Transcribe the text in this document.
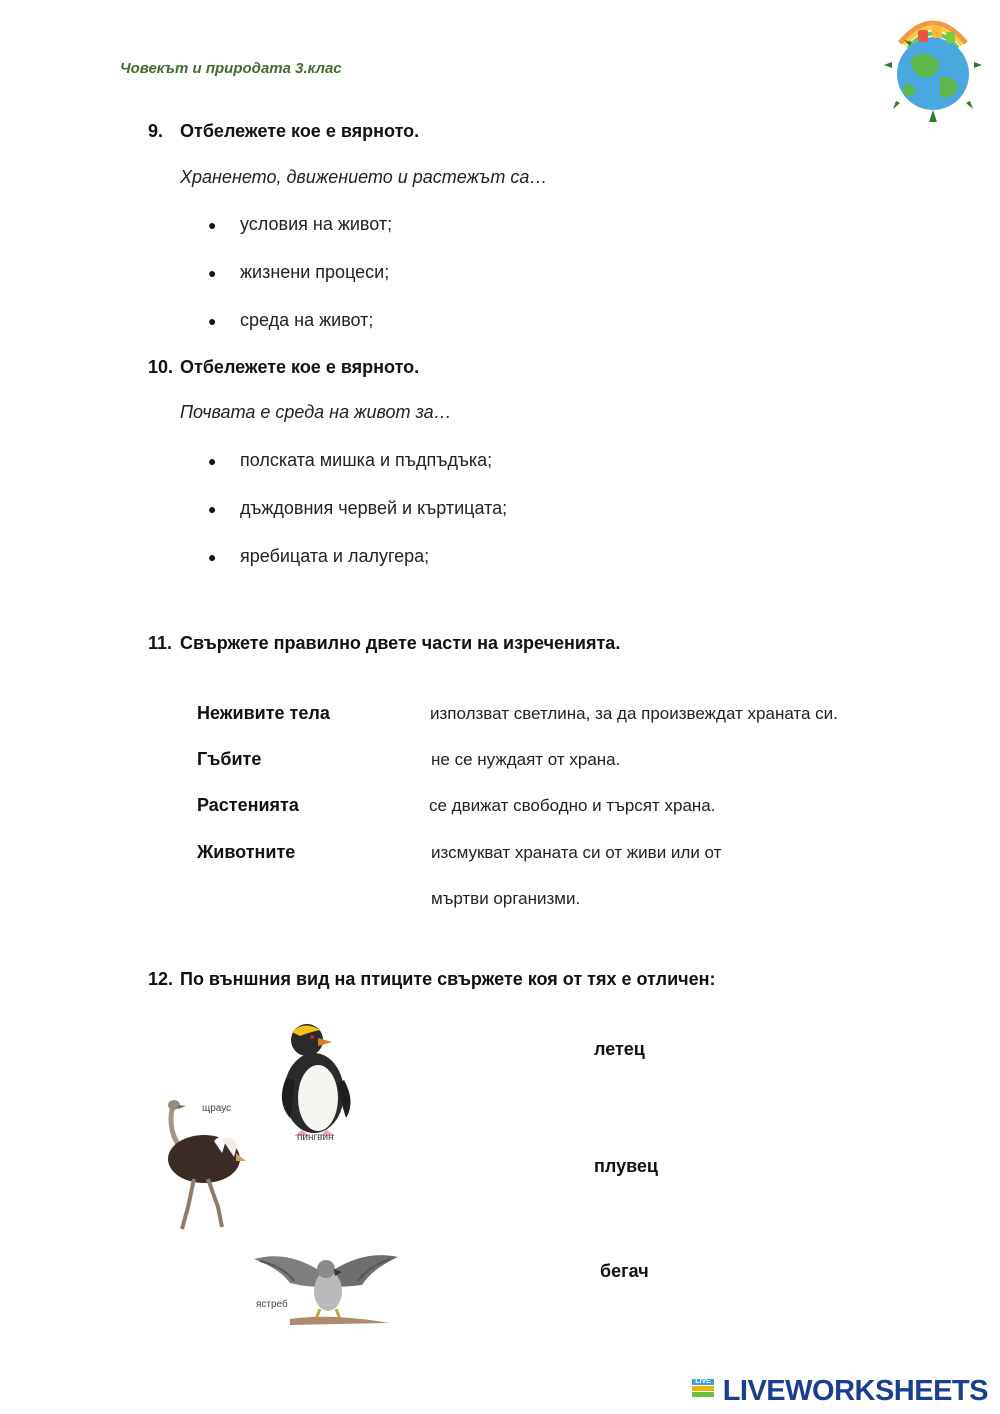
Човекът и природата 3.клас
9. Отбележете кое е вярното.
Храненето, движението и растежът са…
● условия на живот;
● жизнени процеси;
● среда на живот;
10. Отбележете кое е вярното.
Почвата е среда на живот за…
● полската мишка и пъдпъдъка;
● дъждовния червей и къртицата;
● яребицата и лалугера;
11. Свържете правилно двете части на изреченията.
Неживите тела
Гъбите
Растенията
Животните
използват светлина, за да произвеждат храната си.
не се нуждаят от храна.
се движат свободно и търсят храна.
изсмукват храната си от живи или от
мъртви организми.
12. По външния вид на птиците свържете коя от тях е отличен:
пингвин
щраус
ястреб
летец
плувец
бегач
LIVE LIVEWORKSHEETS
